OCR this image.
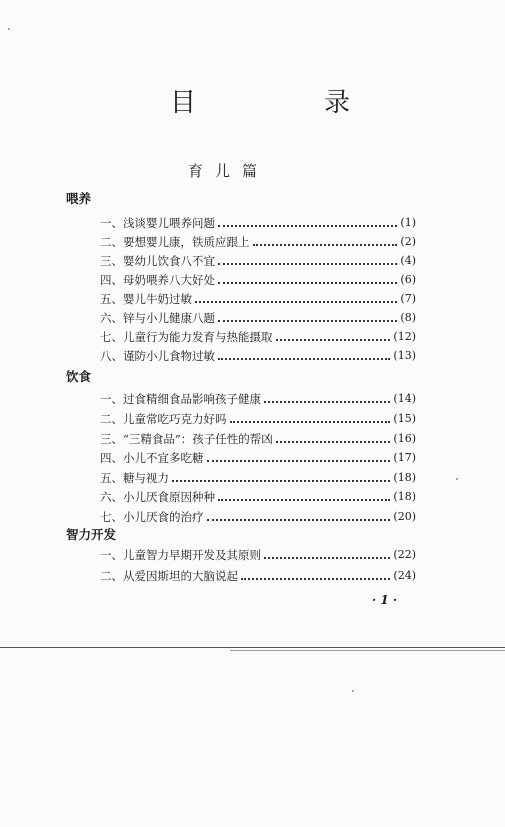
目	录
育儿篇
喂养
一、 浅谈婴儿喂养问题	(1)
二、 要想婴儿康，铁质应跟上	(2)
三、 婴幼儿饮食八不宜	(4)
四、 母奶喂养八大好处	(6)
五、 婴儿牛奶过敏	(7)
六、 锌与小儿健康八题	(8)
七、 儿童行为能力发育与热能摄取	(12)
八、 谨防小儿食物过敏	(13)
饮食
一、 过食精细食品影响孩子健康	(14)
二、 儿童常吃巧克力好吗	(15)
三、 “三精食品”：孩子任性的帮凶	(16)
四、 小儿不宜多吃糖	(17)
五、 糖与视力	(18)
六、 小儿厌食原因种种	(18)
七、 小儿厌食的治疗	(20)
智力开发
一、 儿童智力早期开发及其原则	(22)
二、 从爱因斯坦的大脑说起	(24)
· 1 ·
